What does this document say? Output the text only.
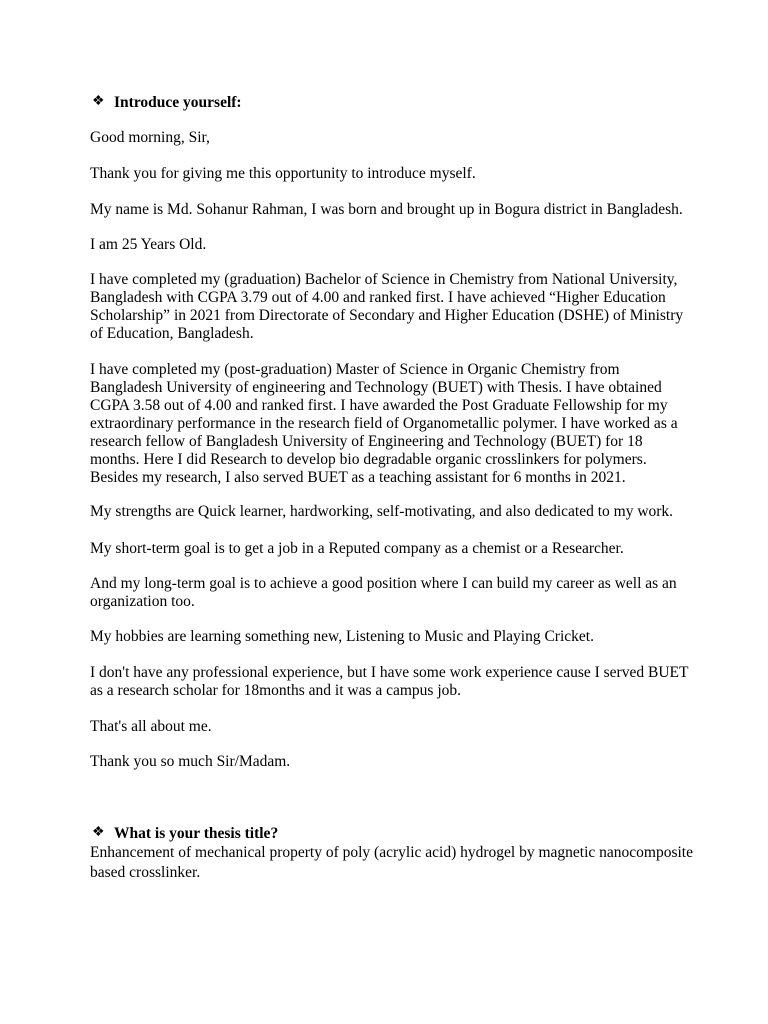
❖ Introduce yourself:
Good morning, Sir,
Thank you for giving me this opportunity to introduce myself.
My name is Md. Sohanur Rahman, I was born and brought up in Bogura district in Bangladesh.
I am 25 Years Old.
I have completed my (graduation) Bachelor of Science in Chemistry from National University,
Bangladesh with CGPA 3.79 out of 4.00 and ranked first. I have achieved “Higher Education
Scholarship” in 2021 from Directorate of Secondary and Higher Education (DSHE) of Ministry
of Education, Bangladesh.
I have completed my (post-graduation) Master of Science in Organic Chemistry from
Bangladesh University of engineering and Technology (BUET) with Thesis. I have obtained
CGPA 3.58 out of 4.00 and ranked first. I have awarded the Post Graduate Fellowship for my
extraordinary performance in the research field of Organometallic polymer. I have worked as a
research fellow of Bangladesh University of Engineering and Technology (BUET) for 18
months. Here I did Research to develop bio degradable organic crosslinkers for polymers.
Besides my research, I also served BUET as a teaching assistant for 6 months in 2021.
My strengths are Quick learner, hardworking, self-motivating, and also dedicated to my work.
My short-term goal is to get a job in a Reputed company as a chemist or a Researcher.
And my long-term goal is to achieve a good position where I can build my career as well as an
organization too.
My hobbies are learning something new, Listening to Music and Playing Cricket.
I don't have any professional experience, but I have some work experience cause I served BUET
as a research scholar for 18months and it was a campus job.
That's all about me.
Thank you so much Sir/Madam.
❖ What is your thesis title?
Enhancement of mechanical property of poly (acrylic acid) hydrogel by magnetic nanocomposite
based crosslinker.
